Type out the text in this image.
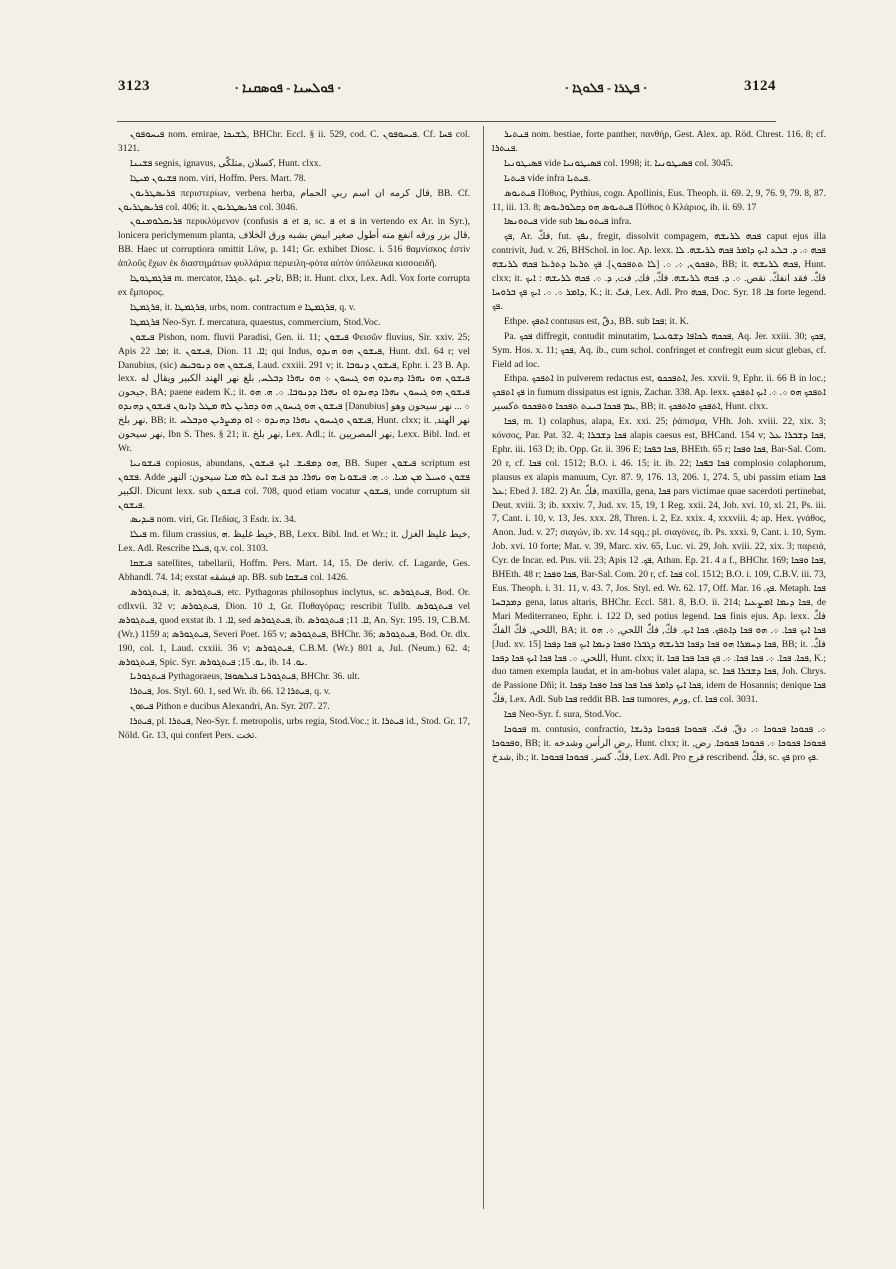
3123	· ܦܘܠܚܢܐ - ܦܘܣܩܢܐ ·	· ܦܛܪܐ - ܦܠܘܓܐ ·	3124

ܦܝܚܘܦܘܢ nom. emirae, ܠܫܝܟܐ, BHChr. Eccl. § ii. 529, cod. C. ܦܝܚܘܦܘܢ. Cf. ܦܚܐ col. 3121.

ܦܫܝܢܐ segnis, ignavus, كسلان ,متلكّى, Hunt. clxx.

ܦܫܝܘܢ ܡܝܛܐ nom. viri, Hoffm. Pers. Mart. 78.

ܦܪܝܣܛܪܝܘܢ περιστερίων, verbena herba, قال كرمه ان اسم ربي الحمام, BB. Cf. ܦܪܝܣܛܪܝܘܢ col. 406; it. ܦܪܝܣܛܪܝܘܢ col. 3046.

ܦܪܝܩܠܘܡܢܘܢ περικλύμενον (confusis ܦ et ܦ, sc. ܦ et ܦ in vertendo ex Ar. in Syr.), lonicera periclymenum planta, قال بزر ورقه انفع منه أطول صغير ابيض بشبه ورق الخلاف, BB. Haec ut corruptiora omittit Löw, p. 141; Gr. exhibet Diosc. i. 516 θαμνίσκος ἐστὶν ἁπλοῦς ἔχων ἐκ διαστημάτων φυλλάρια περιειλη-φότα αὐτὸν ὑπόλευκα κισσοειδῆ.

ܦܪܓܡܛܘܛܐ m. mercator, تاجر .ܐܝܟ .ܬܓܪܐ, BB; it. Hunt. clxx, Lex. Adl. Vox forte corrupta ex ἔμπορος.

ܦܪܓܡܛܐ, it. ܦܪܓܡܛܐ, urbs, nom. contractum e ܦܪܓܡܛܐ, q. v.

ܦܪܓܡܛܐ Neo-Syr. f. mercatura, quaestus, commercium, Stod.Voc.

ܦܝܫܘܢ Pishon, nom. fluvii Paradisi, Gen. ii. 11; ܦܝܫܘܢ Φεισῶν fluvius, Sir. xxiv. 25; Apis ܡܐ. 22; it. ܦܝܫܘܢ, Dion. ܐܐ. 11; qui Indus, ܦܝܫܘܢ ܗܘ ܗܢܕܘ, Hunt. dxl. 64 r; vel Danubius, (sic) ܦܝܫܘܢ ܗܘ ܕܢܘܒܝܣ, Laud. cxxiii. 291 v; it. ܦܝܫܘܢ ܕܢܘܒܐ, Ephr. i. 23 B. Ap. lexx. ܦܝܫܘܢ ܗܘ ܢܗܪܐ ܕܗܢܕܘ ܗܘ ܓܝܚܘܢ ܀ ܗܘ ܢܗܪܐ ܕܒܠܚ, بلغ نهر الهند الكبير ويقال له جيحون, BA; paene eadem K.; it. ܦܝܫܘܢ ܗܘ ܓܝܚܘܢ ܢܗܪܐ ܕܗܢܕܘ ܐܘ ܢܗܪܐ ܕܕܢܘܒܐ. ܀. ܗ. ܗܘ ܦܝܫܘܢ ܗܘ ܓܝܚܘܢ, ܗܘ ܕܩܪܝܢ ܠܗ ܡܛܠ ܕܐܢܘܢ ܦܝܫܘܢ ܕܗܢܕܘ [Danubius] ܀ ... نهر سيحون وهو نهر بلخ, BB; it. ܦܝܫܘܢ ܘܓܝܚܘܢ ܢܗܪܐ ܕܗܢܕܘ ܀ ܐܘ ܕܡܨܪܝܢ ܘܕܒܠܚ, Hunt. clxx; it. نهر الهند, نهر سيحون, Ibn S. Thes. § 21; it. نهر بلخ, Lex. Adl.; it. نهر المصريين, Lexx. Bibl. Ind. et Wr.

ܦܝܫܘܢܝܐ copiosus, abundans, ܗܘ ܕܡܦܝܫ. ܐܝܟ ܦܝܫܘܢ, BB. Super ܦܝܫܘܢ scriptum est ܦܫܘܢ. Adde ܦܫܘܢ ܘܚܝܠ ܡܢ ܡܝܐ. ܀. ܗ. ܦܝܫܘܢܐ ܗܘ ܢܗܪܐ. ܟܕ ܦܝܫ ܐܝܬ ܠܗ ܡܝܐ سيحون: النهر الكبير. Dicunt lexx. sub ܦܝܫܘܢ col. 708, quod etiam vocatur ܦܝܫܘܢ, unde corruptum sit ܦܝܫܘܢ.

ܦܝܕܝܣ nom. viri, Gr. Πεδίας, 3 Esdr. ix. 34.

ܦܝܠܐ m. filum crassius, خيط غليظ .ܗ, BB, Lexx. Bibl. Ind. et Wr.; it. خيط غليظ الغزل, Lex. Adl. Rescribe ܦܝܠܐ, q.v. col. 3103.

ܦܝܫܩܐ satellites, tabellarii, Hoffm. Pers. Mart. 14, 15. De deriv. cf. Lagarde, Ges. Abhandl. 74. 14; exstat فيشقه ap. BB. sub ܦܝܫܩܐ col. 1426.

ܦܝܬܓܘܪܣ, it. ܦܝܬܓܘܪܣ, etc. Pythagoras philosophus inclytus, sc. ܦܝܬܓܘܪܣ, Bod. Or. cdlxvii. 32 v; ܦܝܬܓܘܪܣ, Dion. ܐ. 10, Gr. Πυθαγόρας; rescribit Tullb. ܦܝܬܓܘܪܣ vel ܦܝܬܓܘܪܣ, quod exstat ib. ܐܐ. 1, sed ܦܝܬܓܘܪܣ, ib. ܐܐ. 11; ܦܝܬܓܘܪܣ, An. Syr. 195. 19, C.B.M. (Wr.) 1159 a; ܦܝܬܓܘܪܣ, Severi Poet. 165 v; ܦܝܬܓܘܪܣ, BHChr. 36; ܦܝܬܓܘܪܣ, Bod. Or. dlx. 190, col. 1, Laud. cxxiii. 36 v; ܦܝܬܓܘܪܣ, C.B.M. (Wr.) 801 a, Jul. (Neum.) 62. 4; ܦܝܬܓܘܪܣ, Spic. Syr. ܝܘ. 15; ܦܝܬܓܘܪܣ, ib. ܝܘ. 14.

ܦܝܬܓܘܪܝܐ Pythagoraeus, ܦܝܬܓܘܪܝܐ ܦܝܠܣܘܦܐ, BHChr. 36. ult.

ܦܝܬܪܐ, Jos. Styl. 60. 1, sed Wr. ib. 66. 12 ܦܝܬܪܐ, q. v.

ܦܝܬܘܢ Pithon e ducibus Alexandri, An. Syr. 207. 27.

ܦܝܬܪܐ, pl. ܦܝܬܪܐ, Neo-Syr. f. metropolis, urbs regia, Stod.Voc.; it. ܦܝܬܪܐ id., Stod. Gr. 17, Nöld. Gr. 13, qui confert Pers. تخت.

ܦܢܬܝܪ nom. bestiae, forte panther, πανθήρ, Gest. Alex. ap. Röd. Chrest. 116. 8; cf. ܦܢܬܪܐ.

ܦܣܝܛܘܢܝܐ vide ܦܣܝܛܘܢܝܐ col. 1998; it. ܦܣܝܛܘܢܝܐ col. 3045.

ܦܝܬܝܐ vide infra ܦܝܬܝܐ.

ܦܝܬܝܘܣ Πύθιος, Pythius, cogn. Apollinis, Eus. Theoph. ii. 69. 2, 9, 76. 9, 79. 8, 87. 11, iii. 13. 8; ܦܝܬܝܘܣ ܗܘ ܕܩܠܘܪܝܘܣ Πύθιος ὁ Κλάριος, ib. ii. 69. 17

ܦܝܬܘܢܣܐ vide sub ܦܝܬܘܢܣܐ infra.

ܦܟ, Ar. فكّ, fut. ܢܦܟ, fregit, dissolvit compagem, ܦܟܗ ܠܪܝܫܗ caput ejus illa contrivit, Jud. v. 26, BHSchol. in loc. Ap. lexx. ܦܟܗ ܀. ܕ. ܒܠܥ ܐܝܟ ܕܐܡܪ ܦܟܗ ܠܪܝܫܗ. ܠܐ ܬܦܟܘܢ, ܀. ܀. [ܠܐ ܬܬܦܟܘܢ]. ܦܟ ܬܪܥܐ ܕܬܪܥܐ ܦܟܗ ܠܪܝܫܗ, BB; it. ܦܟܗ ܠܪܝܫܗ, Hunt. clxx; it. فكّ. فقد انفكّ. نقص. ܀. ܕ. ܦܟܗ ܠܪܝܫܗ. فكّ, فك, فت, ܕ. ܀. ܦܟܗ ܠܪܝܫܗ : ܐܝܟ ܕܐܡܪ ܀. ܀. ܐܝܟ ܦܟ ܒܪܘܚܐ, K.; it. فتّ, Lex. Adl. Pro ܦܟܗ, Doc. Syr. ܦܐ. 18 forte legend. ܦܟ.

Ethpe. ܐܬܦܟ contusus est, دقّ, BB. sub ܦܟܐ; it. K.

Pa. ܦܟܟ diffregit, contudit minutatim, ܦܟܟܗ ܠܟܐܦܐ ܕܫܘܥܝܬܐ, Aq. Jer. xxiii. 30; ܦܟܟ, Sym. Hos. x. 11; ܦܟܟ, Aq. ib., cum schol. confringet et confregit eum sicut glebas, cf. Field ad loc.

Ethpa. ܐܬܦܟܟ in pulverem redactus est, ܐܬܦܟܟܘ, Jes. xxvii. 9, Ephr. ii. 66 B in loc.; ܦܟ ܐܬܦܟܟ in fumum dissipatus est ignis, Zachar. 338. Ap. lexx. ܐܬܦܟܟ ܗܘ ܀. ܀. ܐܝܟ ܐܬܦܟܟ ܥܡ ܦܟܟܐ ܒܝܢܬ ܬܦܟܟܐ ܘܬܦܟܟܘ ܬكسير, BB; it. ܐܬܦܟܟ ܘܐܬܦܟܟ, Hunt. clxx.

ܦܟܐ, m. 1) colaphus, alapa, Ex. xxi. 25; ῥάπισμα, VHh. Joh. xviii. 22, xix. 3; κόνσος, Par. Pat. 32. 4; ܦܟܐ ܕܫܒܪܐ alapis caesus est, BHCand. 154 v; ܦܟܐ ܕܫܒܪܐ ܥܠ, Ephr. iii. 163 D; ib. Opp. Gr. ii. 396 E; ܦܟܐ ܒܦܟܐ, BHEth. 65 r; ܦܟܐ ܘܦܟܐ, Bar-Sal. Com. 20 r, cf. ܦܟܐ col. 1512; B.O. i. 46. 15; it. ib. 22; ܦܟܐ ܒܦܟܐ complosio colaphorum, plausus ex alapis manuum, Cyr. 87. 9, 176. 13, 206. 1, 274. 5, ubi passim etiam ܦܟܐ ܥܠ; Ebed J. 182. 2) Ar. فكّ, maxilla, gena, ܦܟܐ pars victimae quae sacerdoti pertinebat, Deut. xviii. 3; ib. xxxiv. 7, Jud. xv. 15, 19, 1 Reg. xxii. 24, Job. xvi. 10, xl. 21, Ps. iii. 7, Cant. i. 10, v. 13, Jes. xxx. 28, Thren. i. 2, Ez. xxix. 4, xxxviii. 4; ap. Hex. γνάθος, Anon. Jud. v. 27; σιαγών, ib. xv. 14 sqq.; pl. σιαγόνες, ib. Ps. xxxi. 9, Cant. i. 10, Sym. Job. xvi. 10 forte; Mat. v. 39, Marc. xiv. 65, Luc. vi. 29, Joh. xviii. 22, xix. 3; παρειά, Cyr. de Incar. ed. Pus. vii. 23; Apis ܦܟ. 12, Athan. Ep. 21. 4 a f., BHChr. 169; ܦܟܐ ܘܦܟܐ, BHEth. 48 r; ܦܟܐ ܘܦܟܐ, Bar-Sal. Com. 20 r, cf. ܦܟܐ col. 1512; B.O. i. 109, C.B.V. iii. 73, Eus. Theoph. i. 31. 11, v. 43. 7, Jos. Styl. ed. Wr. 62. 17, Off. Mar. ܦܟ. 16. Metaph. ܦܟܐ ܕܡܕܒܚܐ gena, latus altaris, BHChr. Eccl. 581. 8, B.O. ii. 214; ܦܟܐ ܕܝܡܐ ܐܡܨܥܝܐ, de Mari Mediterraneo, Ephr. i. 122 D, sed potius legend. ܦܟܐ finis ejus. Ap. lexx. فكّ اللحي, فكّ الفكّ, BA; it. ܦܟܐ ܐܝܟ ܦܟܐ. ܀. ܗܘ ܦܟܐ ܕܐܬܦܟ. ܦܟܐ ܐܝܟ. فكّ, فكّ اللحي, ܀. ܗܘ [Jud. xv. 15] ܦܟܐ ܕܚܡܪܐ ܗܘ ܦܟܐ ܕܦܟܐ ܒܪܝܫܗ ܕܓܒܪܐ ܘܦܟܐ ܕܝܡܐ ܐܝܟ ܦܟܐ ܕܦܟܐ, BB; it. فكّ. اللحي. ܀. ܦܟܐ ܦܟܐ ܐܝܟ ܦܟܐ ܕܦܟܐ, Hunt. clxx; it. ܦܟܐ. ܦܟܐ. ܀. ܦܟܐ ܦܟܐ. ܀. ܦܟ ܦܟܐ ܦܟܐ ܦܟܐ, K.; duo tamen exempla laudat, et in am-bobus valet alapa, sc. ܦܟܐ ܕܫܒܪܐ ܦܟܐ, Joh. Chrys. de Passione Dñi; it. ܦܟܐ ܐܝܟ ܕܐܡܪ ܦܟܐ ܦܟܐ ܦܟܐ ܘܦܟܐ ܕܦܟܐ, idem de Hosannis; denique ܦܟܐ فكّ, Lex. Adl. Sub ܦܟܐ reddit BB. ܦܟܐ tumores, ورم, cf. ܦܟܐ col. 3031.

ܦܟܐ Neo-Syr. f. sura, Stod.Voc.

ܦܟܘܟܐ m. contusio, confractio, ܀. ܦܟܘܟܐ ܦܟܘܟܐ ܀. دقّ. فتّ. ܦܟܘܟܐ ܦܟܘܟܐ ܕܪܝܫܐ ܘܦܟܘܟܐ, BB; it. رض الرأس وشدخه, Hunt. clxx; it. ܦܟܘܟܐ ܦܟܘܟܐ ܀. ܦܟܘܟܐ ܦܟܘܟܐ. رض, شدخ, ib.; it. فكّ. كسر. ܦܟܘܟܐ ܦܟܘܟܐ, Lex. Adl. Pro فرج rescribend. فكّ, sc. ܦܟ pro ܦܟ.
